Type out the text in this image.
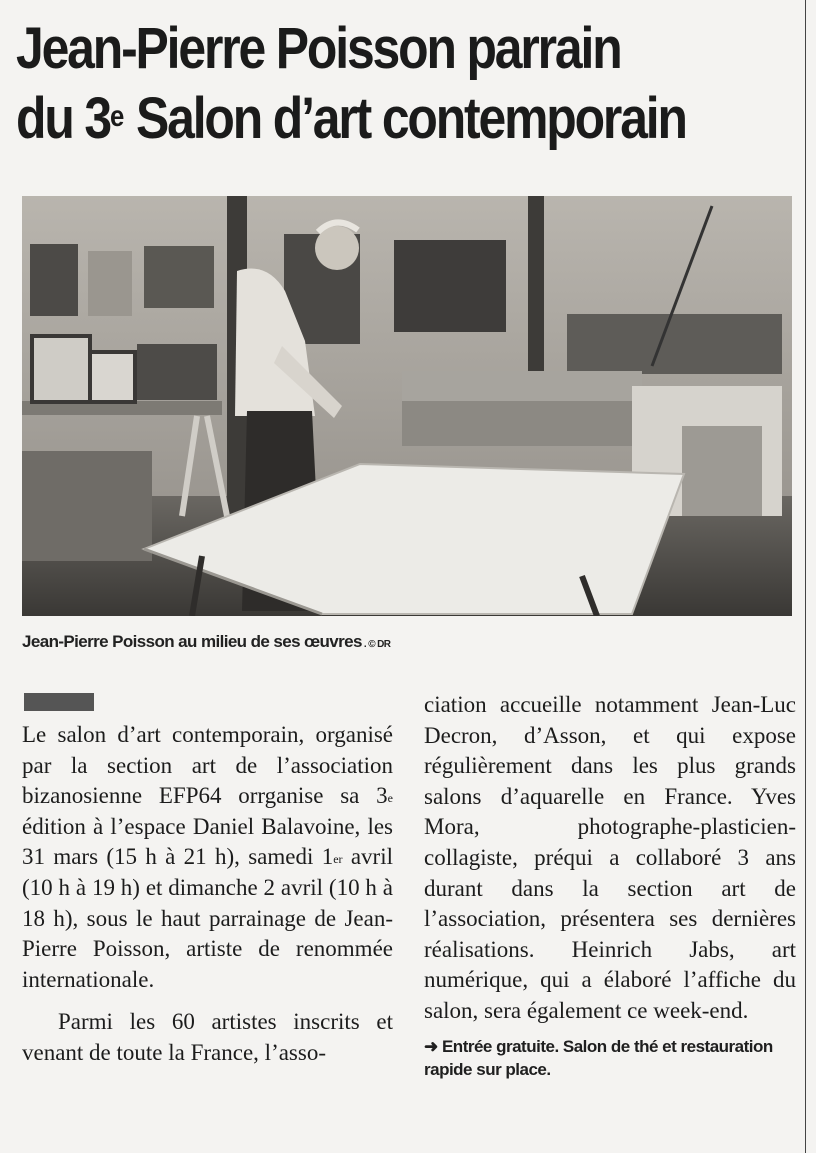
Jean-Pierre Poisson parrain
du 3e Salon d’art contemporain
Jean-Pierre Poisson au milieu de ses œuvres . © DR

Le salon d’art contemporain, organisé par la section art de l’association bizanosienne EFP64 orrganise sa 3e édition à l’espace Daniel Balavoine, les 31 mars (15 h à 21 h), samedi 1er avril (10 h à 19 h) et dimanche 2 avril (10 h à 18 h), sous le haut parrainage de Jean-Pierre Poisson, artiste de renommée internationale.

Parmi les 60 artistes inscrits et venant de toute la France, l’asso-

ciation accueille notamment Jean-Luc Decron, d’Asson, et qui expose régulièrement dans les plus grands salons d’aquarelle en France. Yves Mora, photographe-plasticien-collagiste, préqui a collaboré 3 ans durant dans la section art de l’association, présentera ses dernières réalisations. Heinrich Jabs, art numérique, qui a élaboré l’affiche du salon, sera également ce week-end.

➜ Entrée gratuite. Salon de thé et restauration rapide sur place.
